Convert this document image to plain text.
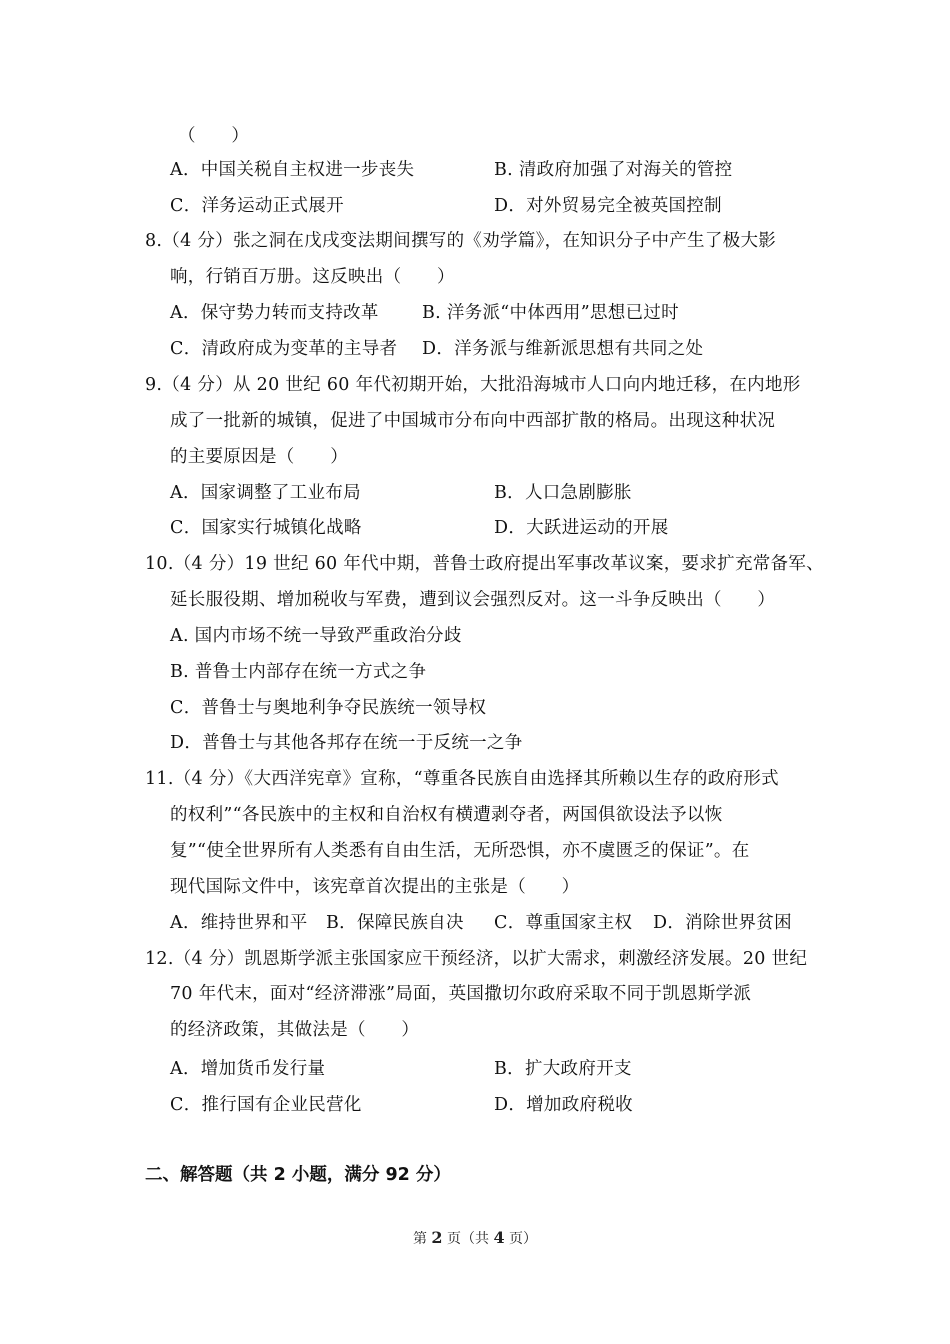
（　　）
A．中国关税自主权进一步丧失	B. 清政府加强了对海关的管控
C．洋务运动正式展开	D．对外贸易完全被英国控制
8.（4 分）张之洞在戊戌变法期间撰写的《劝学篇》，在知识分子中产生了极大影
响，行销百万册。这反映出（　　）
A．保守势力转而支持改革 B. 洋务派“中体西用”思想已过时
C．清政府成为变革的主导者 D．洋务派与维新派思想有共同之处
9.（4 分）从 20 世纪 60 年代初期开始，大批沿海城市人口向内地迁移，在内地形
成了一批新的城镇，促进了中国城市分布向中西部扩散的格局。出现这种状况
的主要原因是（　　）
A．国家调整了工业布局	B．人口急剧膨胀
C．国家实行城镇化战略	D．大跃进运动的开展
10.（4 分）19 世纪 60 年代中期，普鲁士政府提出军事改革议案，要求扩充常备军、
延长服役期、增加税收与军费，遭到议会强烈反对。这一斗争反映出（　　）
A. 国内市场不统一导致严重政治分歧
B. 普鲁士内部存在统一方式之争
C．普鲁士与奥地利争夺民族统一领导权
D．普鲁士与其他各邦存在统一于反统一之争
11.（4 分）《大西洋宪章》宣称，“尊重各民族自由选择其所赖以生存的政府形式
的权利”“各民族中的主权和自治权有横遭剥夺者，两国俱欲设法予以恢
复”“使全世界所有人类悉有自由生活，无所恐惧，亦不虞匮乏的保证”。在
现代国际文件中，该宪章首次提出的主张是（　　）
A．维持世界和平 B．保障民族自决 C．尊重国家主权 D．消除世界贫困
12.（4 分）凯恩斯学派主张国家应干预经济，以扩大需求，刺激经济发展。20 世纪
70 年代末，面对“经济滞涨”局面，英国撒切尔政府采取不同于凯恩斯学派
的经济政策，其做法是（　　）
A．增加货币发行量	B．扩大政府开支
C．推行国有企业民营化	D．增加政府税收
二、解答题（共 2 小题，满分 92 分）
第 2 页（共 4 页）
